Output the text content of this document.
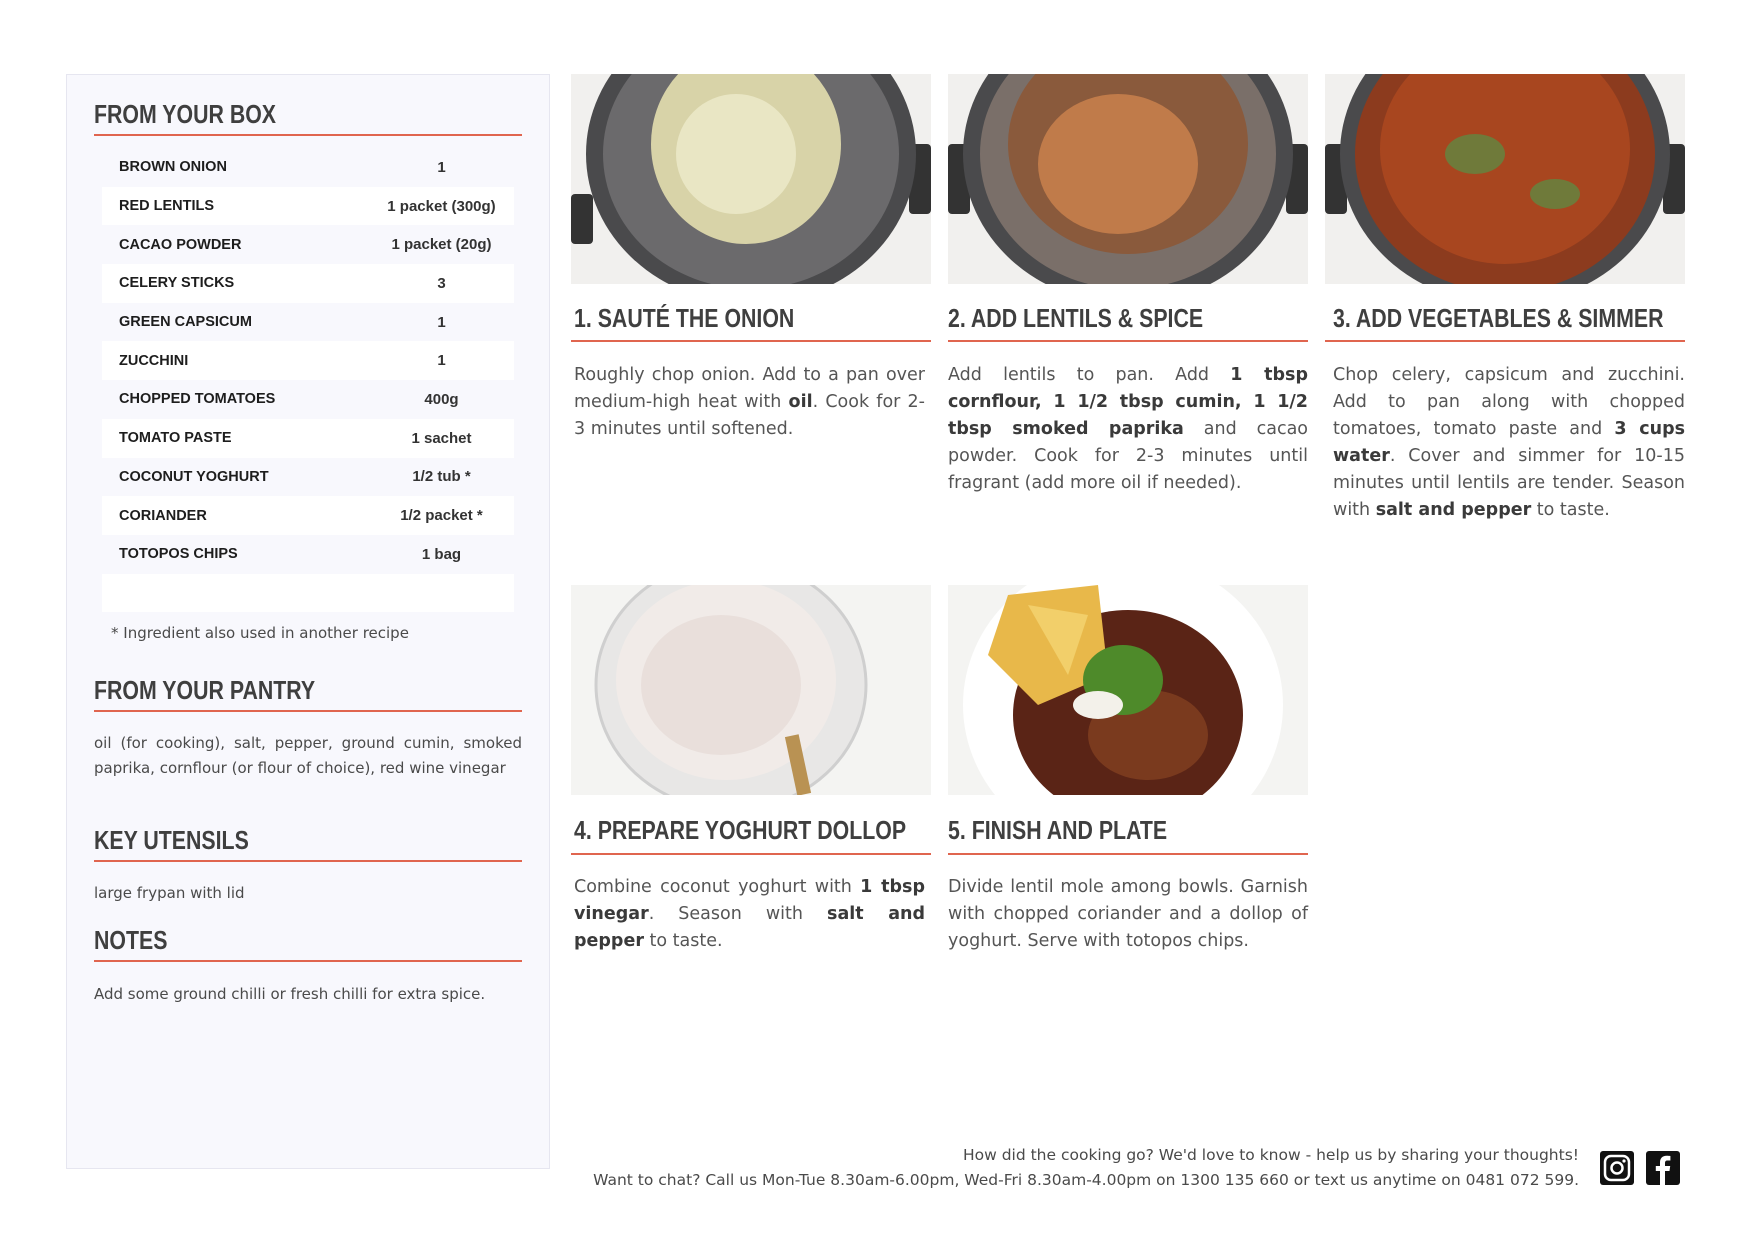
FROM YOUR BOX
BROWN ONION	1
RED LENTILS	1 packet (300g)
CACAO POWDER	1 packet (20g)
CELERY STICKS	3
GREEN CAPSICUM	1
ZUCCHINI	1
CHOPPED TOMATOES	400g
TOMATO PASTE	1 sachet
COCONUT YOGHURT	1/2 tub *
CORIANDER	1/2 packet *
TOTOPOS CHIPS	1 bag
* Ingredient also used in another recipe
FROM YOUR PANTRY
oil (for cooking), salt, pepper, ground cumin, smoked paprika, cornflour (or flour of choice), red wine vinegar
KEY UTENSILS
large frypan with lid
NOTES
Add some ground chilli or fresh chilli for extra spice.
1. SAUTÉ THE ONION
Roughly chop onion. Add to a pan over medium-high heat with oil. Cook for 2-3 minutes until softened.
2. ADD LENTILS & SPICE
Add lentils to pan. Add 1 tbsp cornflour, 1 1/2 tbsp cumin, 1 1/2 tbsp smoked paprika and cacao powder. Cook for 2-3 minutes until fragrant (add more oil if needed).
3. ADD VEGETABLES & SIMMER
Chop celery, capsicum and zucchini. Add to pan along with chopped tomatoes, tomato paste and 3 cups water. Cover and simmer for 10-15 minutes until lentils are tender. Season with salt and pepper to taste.
4. PREPARE YOGHURT DOLLOP
Combine coconut yoghurt with 1 tbsp vinegar. Season with salt and pepper to taste.
5. FINISH AND PLATE
Divide lentil mole among bowls. Garnish with chopped coriander and a dollop of yoghurt. Serve with totopos chips.
How did the cooking go? We'd love to know - help us by sharing your thoughts!
Want to chat? Call us Mon-Tue 8.30am-6.00pm, Wed-Fri 8.30am-4.00pm on 1300 135 660 or text us anytime on 0481 072 599.
